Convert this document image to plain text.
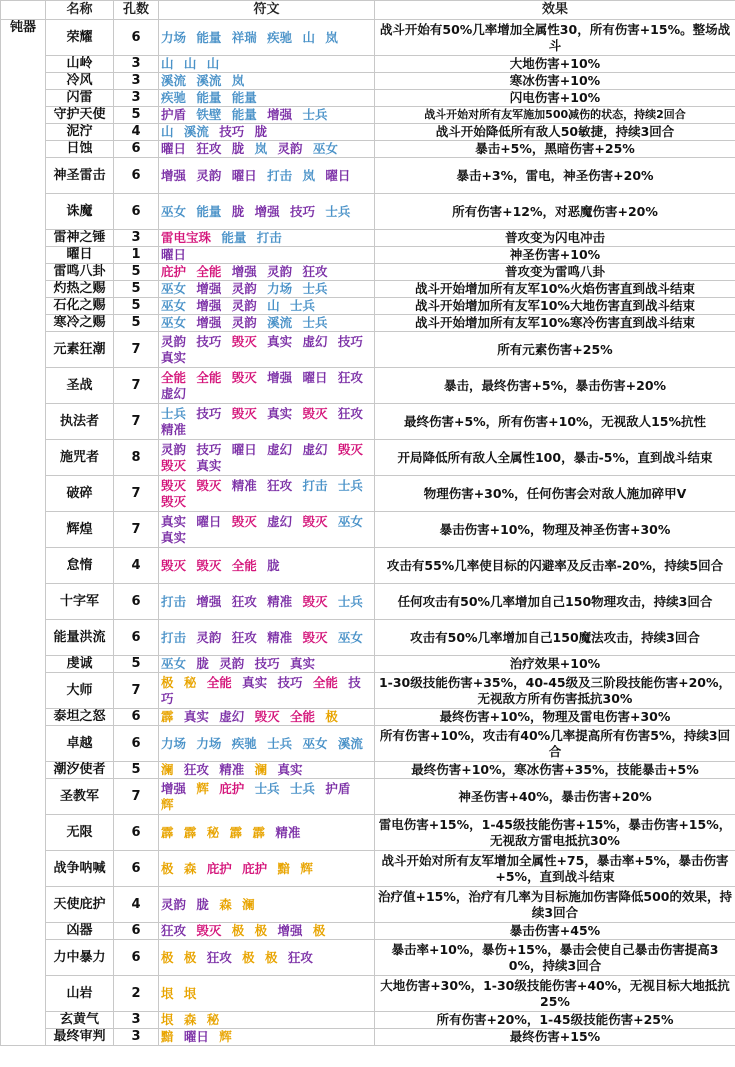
	名称	孔数	符文	效果
钝器	荣耀	6	力场 能量 祥瑞 疾驰 山 岚	战斗开始有50%几率增加全属性30，所有伤害+15%。整场战斗
	山岭	3	山 山 山	大地伤害+10%
	冷风	3	溪流 溪流 岚	寒冰伤害+10%
	闪雷	3	疾驰 能量 能量	闪电伤害+10%
	守护天使	5	护盾 铁壁 能量 增强 士兵	战斗开始对所有友军施加500减伤的状态，持续2回合
	泥泞	4	山 溪流 技巧 胧	战斗开始降低所有敌人50敏捷，持续3回合
	日蚀	6	曜日 狂攻 胧 岚 灵韵 巫女	暴击+5%，黑暗伤害+25%
	神圣雷击	6	增强 灵韵 曜日 打击 岚 曜日	暴击+3%，雷电，神圣伤害+20%
	诛魔	6	巫女 能量 胧 增强 技巧 士兵	所有伤害+12%，对恶魔伤害+20%
	雷神之锤	3	雷电宝珠 能量 打击	普攻变为闪电冲击
	曜日	1	曜日	神圣伤害+10%
	雷鸣八卦	5	庇护 全能 增强 灵韵 狂攻	普攻变为雷鸣八卦
	灼热之赐	5	巫女 增强 灵韵 力场 士兵	战斗开始增加所有友军10%火焰伤害直到战斗结束
	石化之赐	5	巫女 增强 灵韵 山 士兵	战斗开始增加所有友军10%大地伤害直到战斗结束
	寒冷之赐	5	巫女 增强 灵韵 溪流 士兵	战斗开始增加所有友军10%寒冷伤害直到战斗结束
	元素狂潮	7	灵韵 技巧 毁灭 真实 虚幻 技巧 真实	所有元素伤害+25%
	圣战	7	全能 全能 毁灭 增强 曜日 狂攻 虚幻	暴击，最终伤害+5%，暴击伤害+20%
	执法者	7	士兵 技巧 毁灭 真实 毁灭 狂攻 精准	最终伤害+5%，所有伤害+10%，无视敌人15%抗性
	施咒者	8	灵韵 技巧 曜日 虚幻 虚幻 毁灭 毁灭 真实	开局降低所有敌人全属性100，暴击-5%，直到战斗结束
	破碎	7	毁灭 毁灭 精准 狂攻 打击 士兵 毁灭	物理伤害+30%，任何伤害会对敌人施加碎甲V
	辉煌	7	真实 曜日 毁灭 虚幻 毁灭 巫女 真实	暴击伤害+10%，物理及神圣伤害+30%
	怠惰	4	毁灭 毁灭 全能 胧	攻击有55%几率使目标的闪避率及反击率-20%，持续5回合
	十字军	6	打击 增强 狂攻 精准 毁灭 士兵	任何攻击有50%几率增加自己150物理攻击，持续3回合
	能量洪流	6	打击 灵韵 狂攻 精准 毁灭 巫女	攻击有50%几率增加自己150魔法攻击，持续3回合
	虔诚	5	巫女 胧 灵韵 技巧 真实	治疗效果+10%
	大师	7	极 秘 全能 真实 技巧 全能 技巧	1-30级技能伤害+35%，40-45级及三阶段技能伤害+20%，无视敌方所有伤害抵抗30%
	泰坦之怒	6	霹 真实 虚幻 毁灭 全能 极	最终伤害+10%，物理及雷电伤害+30%
	卓越	6	力场 力场 疾驰 士兵 巫女 溪流	所有伤害+10%，攻击有40%几率提高所有伤害5%，持续3回合
	潮汐使者	5	澜 狂攻 精准 澜 真实	最终伤害+10%，寒冰伤害+35%，技能暴击+5%
	圣教军	7	增强 辉 庇护 士兵 士兵 护盾 辉	神圣伤害+40%，暴击伤害+20%
	无限	6	霹 霹 秘 霹 霹 精准	雷电伤害+15%，1-45级技能伤害+15%，暴击伤害+15%，无视敌方雷电抵抗30%
	战争呐喊	6	极 森 庇护 庇护 黯 辉	战斗开始对所有友军增加全属性+75，暴击率+5%，暴击伤害+5%，直到战斗结束
	天使庇护	4	灵韵 胧 森 澜	治疗值+15%，治疗有几率为目标施加伤害降低500的效果，持续3回合
	凶器	6	狂攻 毁灭 极 极 增强 极	暴击伤害+45%
	力中暴力	6	极 极 狂攻 极 极 狂攻	暴击率+10%，暴伤+15%，暴击会使自己暴击伤害提高30%，持续3回合
	山岩	2	垠 垠	大地伤害+30%，1-30级技能伤害+40%，无视目标大地抵抗25%
	玄黄气	3	垠 森 秘	所有伤害+20%，1-45级技能伤害+25%
	最终审判	3	黯 曜日 辉	最终伤害+15%
